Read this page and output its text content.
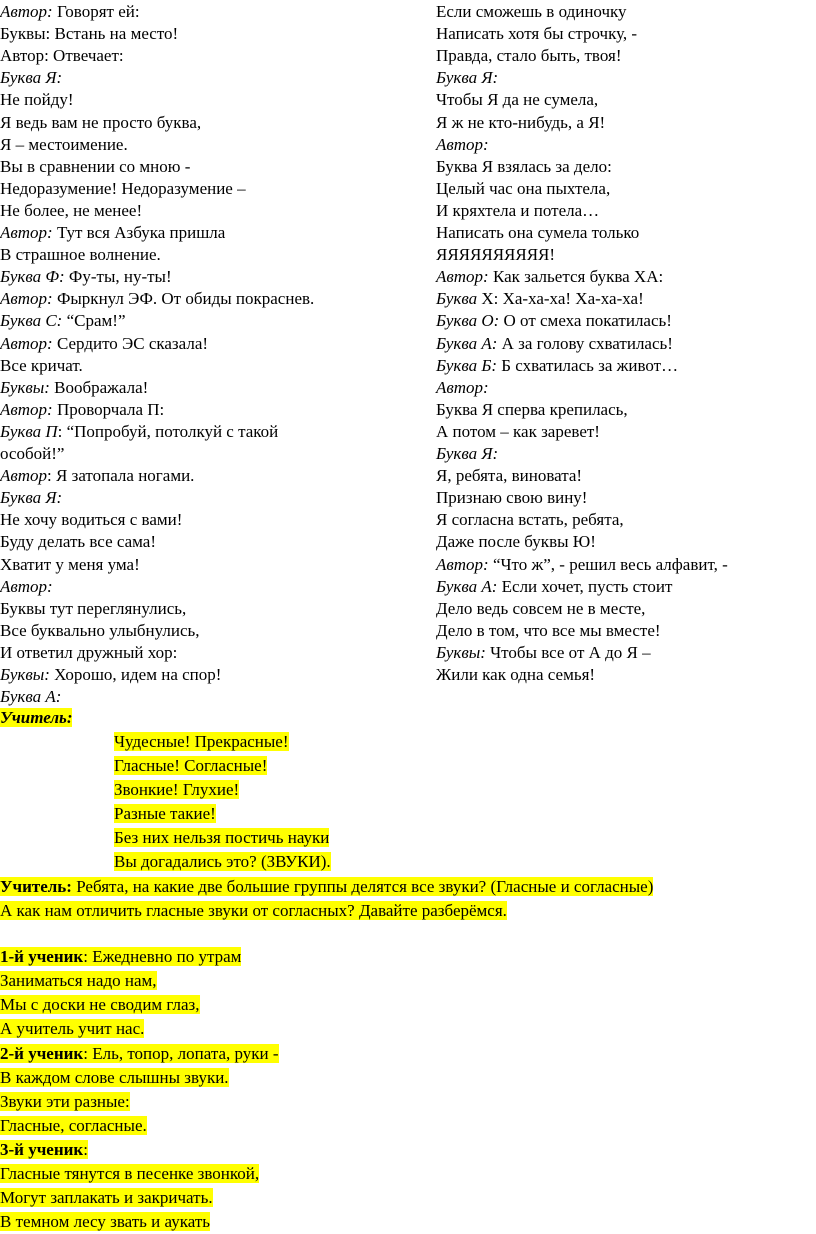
Автор: Говорят ей:
Буквы: Встань на место!
Автор: Отвечает:
Буква Я:
Не пойду!
Я ведь вам не просто буква,
Я – местоимение.
Вы в сравнении со мною -
Недоразумение! Недоразумение –
Не более, не менее!
Автор: Тут вся Азбука пришла
В страшное волнение.
Буква Ф: Фу-ты, ну-ты!
Автор: Фыркнул ЭФ. От обиды покраснев.
Буква С: “Срам!”
Автор: Сердито ЭС сказала!
Все кричат.
Буквы: Воображала!
Автор: Проворчала П:
Буква П: “Попробуй, потолкуй с такой
особой!”
Автор: Я затопала ногами.
Буква Я:
Не хочу водиться с вами!
Буду делать все сама!
Хватит у меня ума!
Автор:
Буквы тут переглянулись,
Все буквально улыбнулись,
И ответил дружный хор:
Буквы: Хорошо, идем на спор!
Буква А:
Если сможешь в одиночку
Написать хотя бы строчку, -
Правда, стало быть, твоя!
Буква Я:
Чтобы Я да не сумела,
Я ж не кто-нибудь, а Я!
Автор:
Буква Я взялась за дело:
Целый час она пыхтела,
И кряхтела и потела…
Написать она сумела только
ЯЯЯЯЯЯЯЯЯЯ!
Автор: Как зальется буква ХА:
Буква Х: Ха-ха-ха! Ха-ха-ха!
Буква О: О от смеха покатилась!
Буква А: А за голову схватилась!
Буква Б: Б схватилась за живот…
Автор:
Буква Я сперва крепилась,
А потом – как заревет!
Буква Я:
Я, ребята, виновата!
Признаю свою вину!
Я согласна встать, ребята,
Даже после буквы Ю!
Автор: “Что ж”, - решил весь алфавит, -
Буква А: Если хочет, пусть стоит
Дело ведь совсем не в месте,
Дело в том, что все мы вместе!
Буквы: Чтобы все от А до Я –
Жили как одна семья!
Учитель:
Чудесные! Прекрасные!
Гласные! Согласные!
Звонкие! Глухие!
Разные такие!
Без них нельзя постичь науки
Вы догадались это? (ЗВУКИ).
Учитель: Ребята, на какие две большие группы делятся все звуки? (Гласные и согласные)
А как нам отличить гласные звуки от согласных? Давайте разберёмся.
1-й ученик: Ежедневно по утрам
Заниматься надо нам,
Мы с доски не сводим глаз,
А учитель учит нас.
2-й ученик: Ель, топор, лопата, руки -
В каждом слове слышны звуки.
Звуки эти разные:
Гласные, согласные.
3-й ученик:
Гласные тянутся в песенке звонкой,
Могут заплакать и закричать.
В темном лесу звать и аукать
